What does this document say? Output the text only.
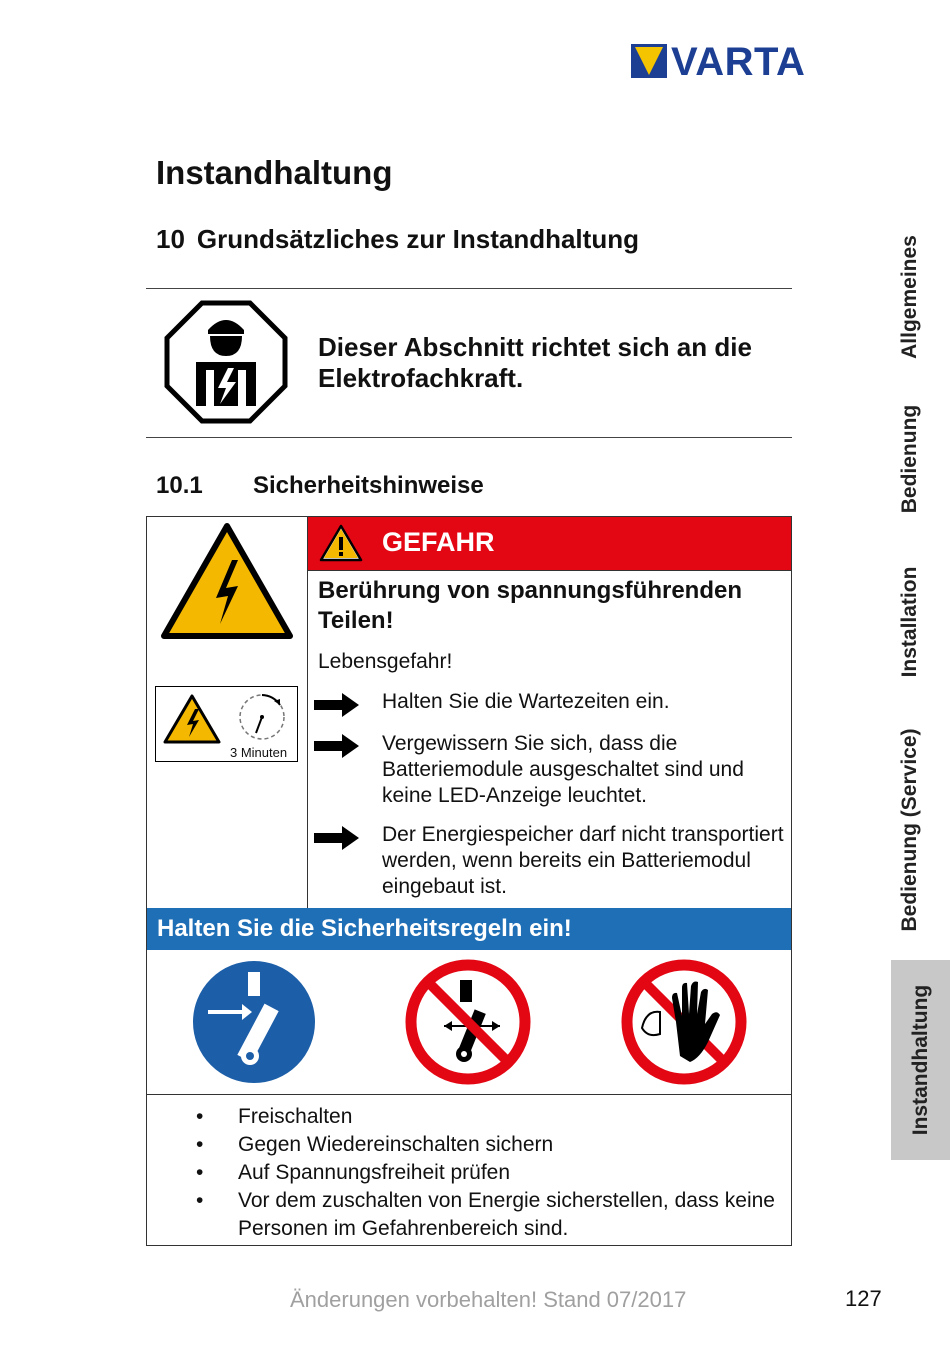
VARTA
Instandhaltung
10 Grundsätzliches zur Instandhaltung
Dieser Abschnitt richtet sich an die Elektrofachkraft.
10.1 Sicherheitshinweise
3 Minuten
GEFAHR
Berührung von spannungsführenden Teilen!
Lebensgefahr!
Halten Sie die Wartezeiten ein.
Vergewissern Sie sich, dass die Batteriemodule ausgeschaltet sind und keine LED-Anzeige leuchtet.
Der Energiespeicher darf nicht transportiert werden, wenn bereits ein Batteriemodul eingebaut ist.
Halten Sie die Sicherheitsregeln ein!
• Freischalten
• Gegen Wiedereinschalten sichern
• Auf Spannungsfreiheit prüfen
• Vor dem zuschalten von Energie sicherstellen, dass keine Personen im Gefahrenbereich sind.
Allgemeines
Bedienung
Installation
Bedienung (Service)
Instandhaltung
Änderungen vorbehalten! Stand 07/2017	127
